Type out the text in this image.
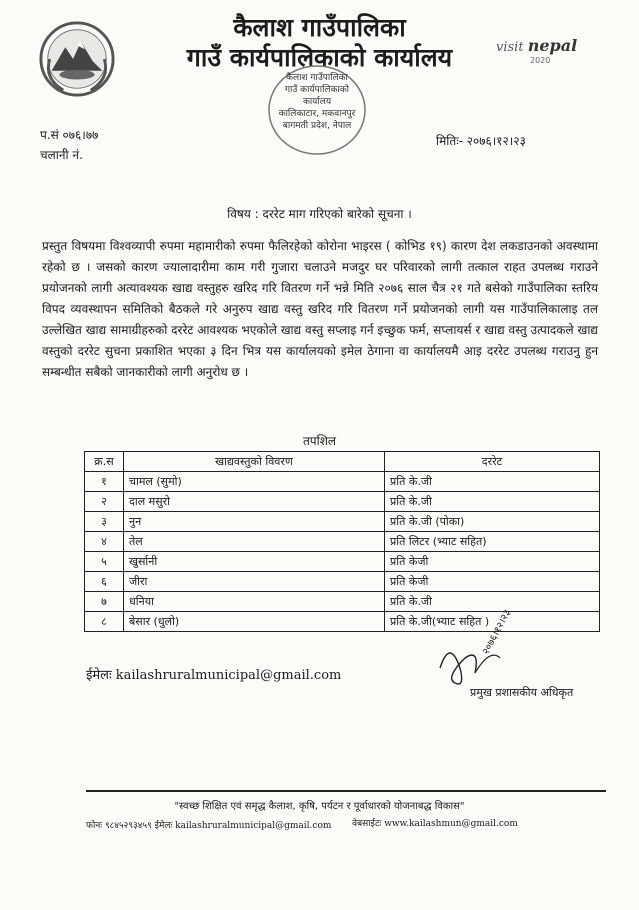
कैलाश गाउँपालिका
गाउँ कार्यपालिकाको कार्यालय	visit nepal
2020
कैलाश गाउँपालिका
गाउँ कार्यपालिकाको
कार्यालय
कालिकाटार, मकवानपुर
बागमती प्रदेश, नेपाल
प.सं ०७६।७७
चलानी नं.
मितिः- २०७६।१२।२३
विषय : दररेट माग गरिएको बारेको सूचना ।
प्रस्तुत विषयमा विश्वव्यापी रुपमा महामारीको रुपमा फैलिरहेको कोरोना भाइरस ( कोभिड १९) कारण देश लकडाउनको अवस्थामा रहेको छ । जसको कारण ज्यालादारीमा काम गरी गुजारा चलाउने मजदुर घर परिवारको लागी तत्काल राहत उपलब्ध गराउने प्रयोजनको लागी अत्यावश्यक खाद्य वस्तुहरु खरिद गरि वितरण गर्ने भन्ने मिति २०७६ साल चैत्र २१ गते बसेको गाउँपालिका स्तरिय विपद व्यवस्थापन समितिको बैठकले गरे अनुरुप खाद्य वस्तु खरिद गरि वितरण गर्ने प्रयोजनको लागी यस गाउँपालिकालाइ तल उल्लेखित खाद्य सामाग्रीहरुको दररेट आवश्यक भएकोले खाद्य वस्तु सप्लाइ गर्न इच्छुक फर्म, सप्लायर्स र खाद्य वस्तु उत्पादकले खाद्य वस्तुको दररेट सुचना प्रकाशित भएका ३ दिन भित्र यस कार्यालयको इमेल ठेगाना वा कार्यालयमै आइ दररेट उपलब्ध गराउनु हुन सम्बन्धीत सबैको जानकारीको लागी अनुरोध छ ।
तपशिल
क्र.स	खाद्यवस्तुको विवरण	दररेट
१	चामल (सुमो)	प्रति के.जी
२	दाल मसुरो	प्रति के.जी
३	नुन	प्रति के.जी (पोका)
४	तेल	प्रति लिटर (भ्याट सहित)
५	खुर्सानी	प्रति केजी
६	जीरा	प्रति केजी
७	धनिया	प्रति के.जी
८	बेसार (धुलो)	प्रति के.जी(भ्याट सहित )
ईमेलः kailashruralmunicipal@gmail.com
२०७६।१२।२३
प्रमुख प्रशासकीय अधिकृत
"स्वच्छ शिक्षित एवं समृद्ध कैलाश, कृषि, पर्यटन र पूर्वाधारको योजनाबद्ध विकास"
फोनः ९८४५२९३४५९ ईमेलः kailashruralmunicipal@gmail.com वेबसाईटः www.kailashmun@gmail.com
